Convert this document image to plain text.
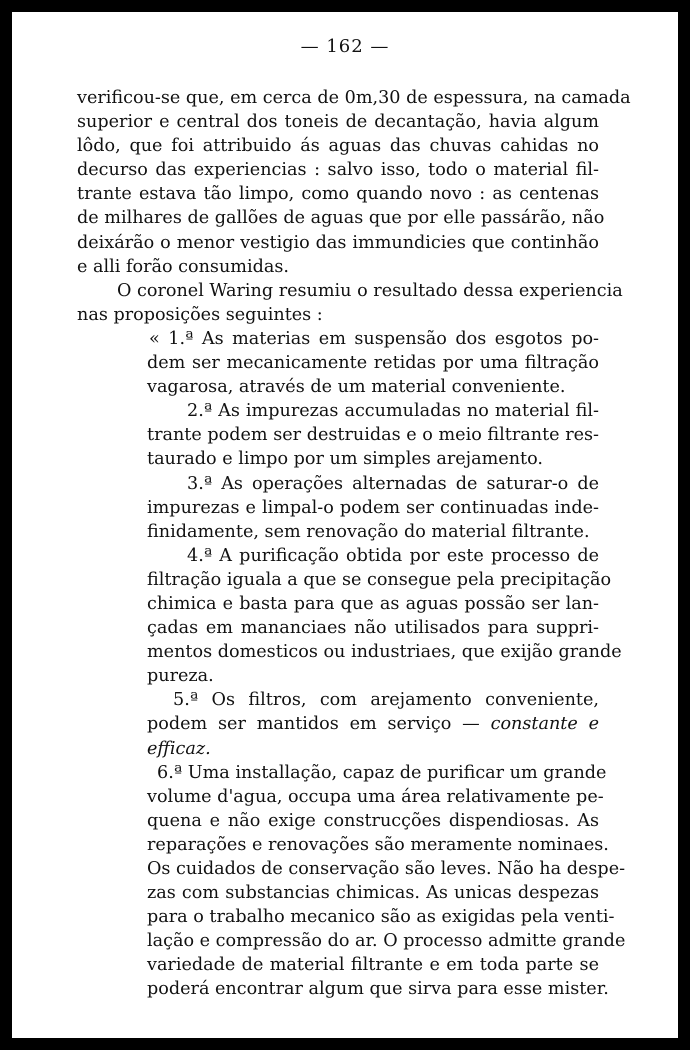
— 162 —
verificou-se que, em cerca de 0m,30 de espessura, na camada
superior e central dos toneis de decantação, havia algum
lôdo, que foi attribuido ás aguas das chuvas cahidas no
decurso das experiencias : salvo isso, todo o material fil-
trante estava tão limpo, como quando novo : as centenas
de milhares de gallões de aguas que por elle passárão, não
deixárão o menor vestigio das immundicies que continhão
e alli forão consumidas.
O coronel Waring resumiu o resultado dessa experiencia
nas proposições seguintes :
« 1.ª As materias em suspensão dos esgotos po-
dem ser mecanicamente retidas por uma filtração
vagarosa, através de um material conveniente.
2.ª As impurezas accumuladas no material fil-
trante podem ser destruidas e o meio filtrante res-
taurado e limpo por um simples arejamento.
3.ª As operações alternadas de saturar-o de
impurezas e limpal-o podem ser continuadas inde-
finidamente, sem renovação do material filtrante.
4.ª A purificação obtida por este processo de
filtração iguala a que se consegue pela precipitação
chimica e basta para que as aguas possão ser lan-
çadas em mananciaes não utilisados para suppri-
mentos domesticos ou industriaes, que exijão grande
pureza.
5.ª Os filtros, com arejamento conveniente,
podem ser mantidos em serviço — constante e
efficaz.
6.ª Uma installação, capaz de purificar um grande
volume d'agua, occupa uma área relativamente pe-
quena e não exige construcções dispendiosas. As
reparações e renovações são meramente nominaes.
Os cuidados de conservação são leves. Não ha despe-
zas com substancias chimicas. As unicas despezas
para o trabalho mecanico são as exigidas pela venti-
lação e compressão do ar. O processo admitte grande
variedade de material filtrante e em toda parte se
poderá encontrar algum que sirva para esse mister.
